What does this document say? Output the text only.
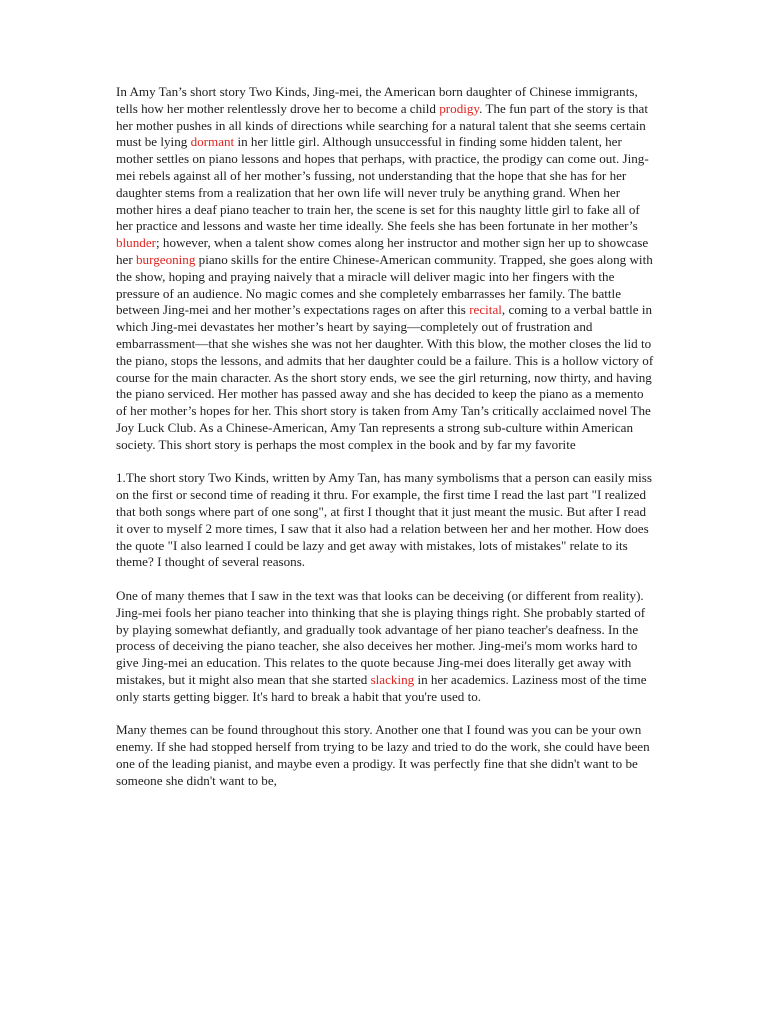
In Amy Tan’s short story Two Kinds, Jing-mei, the American born daughter of Chinese immigrants, tells how her mother relentlessly drove her to become a child prodigy. The fun part of the story is that her mother pushes in all kinds of directions while searching for a natural talent that she seems certain must be lying dormant in her little girl. Although unsuccessful in finding some hidden talent, her mother settles on piano lessons and hopes that perhaps, with practice, the prodigy can come out. Jing-mei rebels against all of her mother’s fussing, not understanding that the hope that she has for her daughter stems from a realization that her own life will never truly be anything grand. When her mother hires a deaf piano teacher to train her, the scene is set for this naughty little girl to fake all of her practice and lessons and waste her time ideally. She feels she has been fortunate in her mother’s blunder; however, when a talent show comes along her instructor and mother sign her up to showcase her burgeoning piano skills for the entire Chinese-American community. Trapped, she goes along with the show, hoping and praying naively that a miracle will deliver magic into her fingers with the pressure of an audience. No magic comes and she completely embarrasses her family. The battle between Jing-mei and her mother’s expectations rages on after this recital, coming to a verbal battle in which Jing-mei devastates her mother’s heart by saying—completely out of frustration and embarrassment—that she wishes she was not her daughter. With this blow, the mother closes the lid to the piano, stops the lessons, and admits that her daughter could be a failure. This is a hollow victory of course for the main character. As the short story ends, we see the girl returning, now thirty, and having the piano serviced. Her mother has passed away and she has decided to keep the piano as a memento of her mother’s hopes for her. This short story is taken from Amy Tan’s critically acclaimed novel The Joy Luck Club. As a Chinese-American, Amy Tan represents a strong sub-culture within American society. This short story is perhaps the most complex in the book and by far my favorite

1.The short story Two Kinds, written by Amy Tan, has many symbolisms that a person can easily miss on the first or second time of reading it thru. For example, the first time I read the last part "I realized that both songs where part of one song", at first I thought that it just meant the music. But after I read it over to myself 2 more times, I saw that it also had a relation between her and her mother. How does the quote "I also learned I could be lazy and get away with mistakes, lots of mistakes" relate to its theme? I thought of several reasons.

One of many themes that I saw in the text was that looks can be deceiving (or different from reality). Jing-mei fools her piano teacher into thinking that she is playing things right. She probably started of by playing somewhat defiantly, and gradually took advantage of her piano teacher's deafness. In the process of deceiving the piano teacher, she also deceives her mother. Jing-mei's mom works hard to give Jing-mei an education. This relates to the quote because Jing-mei does literally get away with mistakes, but it might also mean that she started slacking in her academics. Laziness most of the time only starts getting bigger. It's hard to break a habit that you're used to.

Many themes can be found throughout this story. Another one that I found was you can be your own enemy. If she had stopped herself from trying to be lazy and tried to do the work, she could have been one of the leading pianist, and maybe even a prodigy. It was perfectly fine that she didn't want to be someone she didn't want to be,
